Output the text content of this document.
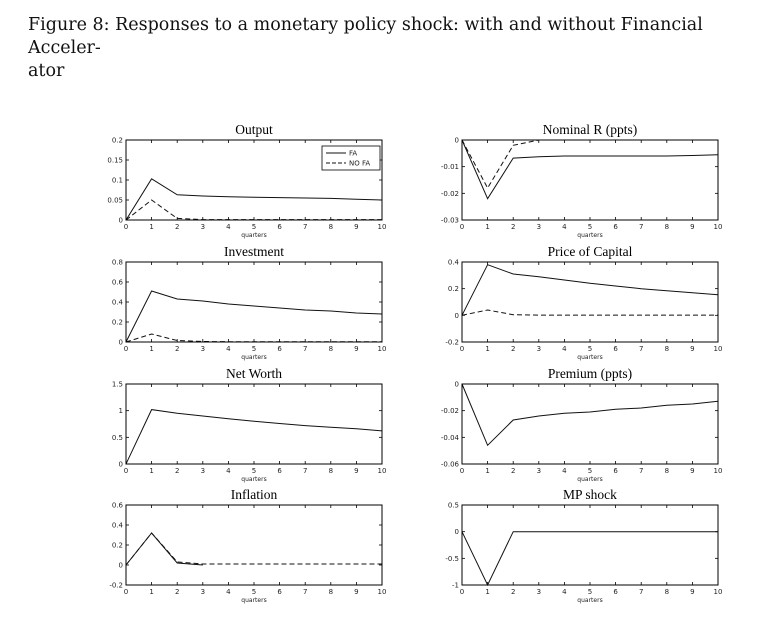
Figure 8: Responses to a monetary policy shock: with and without Financial Acceler-
ator
Output
0	1	2	3	4	5	6	7	8	9	10
quarters
0
0.05
0.1
0.15
0.2
FA
NO FA
Nominal R (ppts)
0	1	2	3	4	5	6	7	8	9	10
quarters
0
-0.01
-0.02
-0.03
Investment
0	1	2	3	4	5	6	7	8	9	10
quarters
0
0.2
0.4
0.6
0.8
Price of Capital
0	1	2	3	4	5	6	7	8	9	10
quarters
-0.2
0
0.2
0.4
Net Worth
0	1	2	3	4	5	6	7	8	9	10
quarters
0
0.5
1
1.5
Premium (ppts)
0	1	2	3	4	5	6	7	8	9	10
quarters
0
-0.02
-0.04
-0.06
Inflation
0	1	2	3	4	5	6	7	8	9	10
quarters
-0.2
0
0.2
0.4
0.6
MP shock
0	1	2	3	4	5	6	7	8	9	10
quarters
0.5
0
-0.5
-1
